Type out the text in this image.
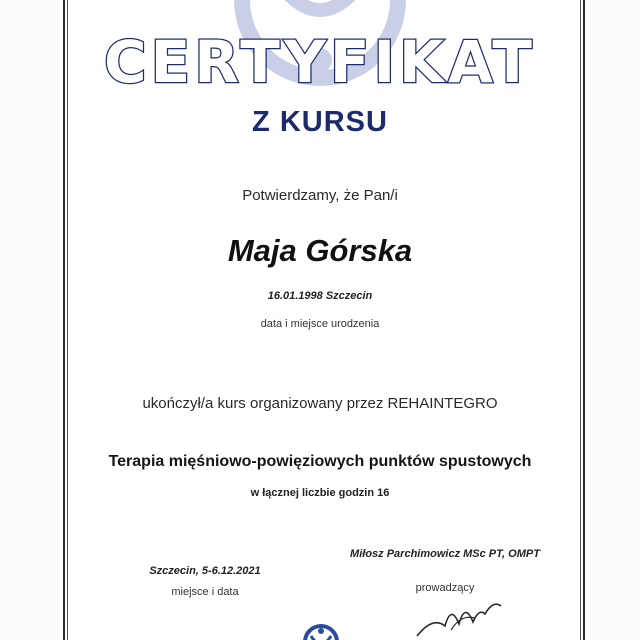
CERTYFIKAT
Z KURSU
Potwierdzamy, że Pan/i
Maja Górska
16.01.1998 Szczecin
data i miejsce urodzenia
ukończył/a kurs organizowany przez REHAINTEGRO
Terapia mięśniowo-powięziowych punktów spustowych
w łącznej liczbie godzin 16
Szczecin, 5-6.12.2021
miejsce i data
Miłosz Parchimowicz MSc PT, OMPT
prowadzący
